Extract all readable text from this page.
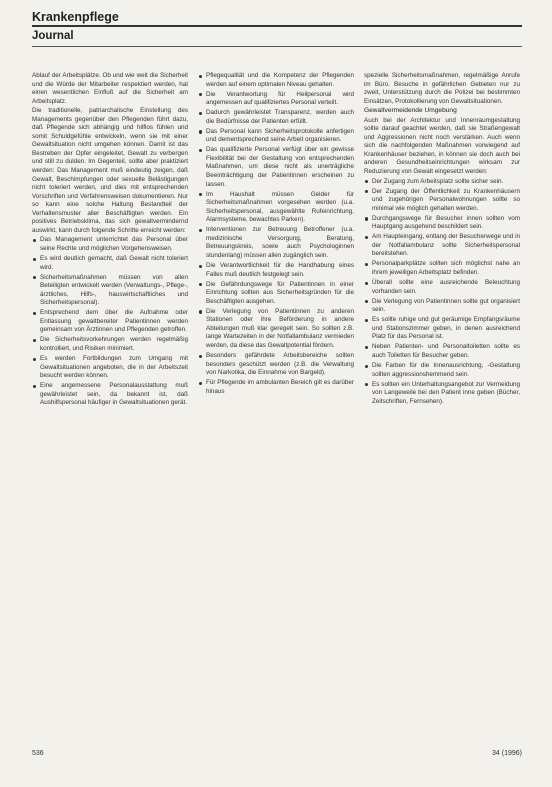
Krankenpflege
Journal

Ablauf der Arbeitsplätze. Ob und wie weit die Sicherheit und die Würde der Mitarbeiter respektiert werden, hat einen wesentlichen Einfluß auf die Sicherheit am Arbeitsplatz.

Die traditionelle, patriarchalische Einstellung des Managements gegenüber den Pflegenden führt dazu, daß Pflegende sich abhängig und hilflos fühlen und somit Schuldgefühle entwickeln, wenn sie mit einer Gewaltsituation nicht umgehen können. Damit ist das Bestreben der Opfer eingeleitet, Gewalt zu verbergen und still zu dulden. Im Gegenteil, sollte aber praktiziert werden: Das Management muß eindeutig zeigen, daß Gewalt, Beschimpfungen oder sexuelle Belästigungen nicht toleriert werden, und dies mit entsprechenden Vorschriften und Verfahrensweisen dokumentieren. Nur so kann eine solche Haltung Bestandteil der Verhaltensmuster aller Beschäftigten werden. Ein positives Betriebsklima, das sich gewaltvermindernd auswirkt, kann durch folgende Schritte erreicht werden:

Das Management unterrichtet das Personal über seine Rechte und möglichen Vorgehensweisen.
Es wird deutlich gemacht, daß Gewalt nicht toleriert wird.
Sicherheitsmaßnahmen müssen von allen Beteiligten entwickelt werden (Verwaltungs-, Pflege-, ärztliches, Hilfs-, hauswirtschaftliches und Sicherheitspersonal).
Entsprechend dem über die Aufnahme oder Entlassung gewaltbereiter Patientinnen werden gemeinsam von Ärztinnen und Pflegenden getroffen.
Die Sicherheitsvorkehrungen werden regelmäßig kontrolliert, und Risiken minimiert.
Es werden Fortbildungen zum Umgang mit Gewaltsituationen angeboten, die in der Arbeitszeit besucht werden können.
Eine angemessene Personalausstattung muß gewährleistet sein, da bekannt ist, daß Aushilfspersonal häufiger in Gewaltsituationen gerät.
Pflegequalität und die Kompetenz der Pflegenden werden auf einem optimalen Niveau gehalten.
Die Verantwortung für Heilpersonal wird angemessen auf qualifiziertes Personal verteilt.
Dadurch gewährleistet Transparenz, werden auch die Bedürfnisse der Patienten erfüllt.
Das Personal kann Sicherheitsprotokolle anfertigen und dementsprechend seine Arbeit organisieren.
Das qualifizierte Personal verfügt über ein gewisse Flexibilität bei der Gestaltung von entsprechenden Maßnahmen, um diese nicht als unerträgliche Beeinträchtigung der Patientinnen erscheinen zu lassen.
Im Haushalt müssen Gelder für Sicherheitsmaßnahmen vorgesehen werden (u.a. Sicherheitspersonal, ausgewählte Rufeinrichtung, Alarmsysteme, bewachtes Parken).
Interventionen zur Betreuung Betroffener (u.a. medizinische Versorgung, Beratung, Betreuungskreis, sowie auch Psychologinnen stundenlang) müssen allen zugänglich sein.
Die Verantwortlichkeit für die Handhabung eines Falles muß deutlich festgelegt sein.
Die Gefährdungswege für Patientinnen in einer Einrichtung sollten aus Sicherheitsgründen für die Beschäftigten ausgehen.
Die Verlegung von Patientinnen zu anderen Stationen oder ihre Beförderung in andere Abteilungen muß klar geregelt sein. So sollten z.B. lange Wartezeiten in der Notfallambulanz vermieden werden, da diese das Gewaltpotential fördern.
Besonders gefährdete Arbeitsbereiche sollten besonders geschützt werden (z.B. die Verwaltung von Narkotika, die Einnahme von Bargeld).
Für Pflegende im ambulanten Bereich gilt es darüber hinaus

spezielle Sicherheitsmaßnahmen, regelmäßige Anrufe im Büro. Besuche in gefährlichen Gebieten nur zu zweit, Unterstützung durch die Polizei bei bestimmten Einsätzen, Protokollierung von Gewaltsituationen.

Gewaltvermeidende Umgebung

Auch bei der Architektur und Innenraumgestaltung sollte darauf geachtet werden, daß sie Straßengewalt und Aggressionen nicht noch verstärken. Auch wenn sich die nachfolgenden Maßnahmen vorwiegend auf Krankenhäuser beziehen, in können sie doch auch bei anderen Gesundheitseinrichtungen wirksam zur Reduzierung von Gewalt eingesetzt werden:

Der Zugang zum Arbeitsplatz sollte sicher sein.
Der Zugang der Öffentlichkeit zu Krankenhäusern und zugehörigen Personalwohnungen sollte so minimal wie möglich gehalten werden.
Durchgangswege für Besucher innen sollten vom Hauptgang ausgehend beschildert sein.
Am Haupteingang, entlang der Besucherwege und in der Notfallambulanz sollte Sicherheitspersonal bereitstehen.
Personalparkplätze sollten sich möglichst nahe an ihrem jeweiligen Arbeitsplatz befinden.
Überall sollte eine ausreichende Beleuchtung vorhanden sein.
Die Verlegung von Patientinnen sollte gut organisiert sein.
Es sollte ruhige und gut geräumige Empfangsräume und Stationszimmer geben, in denen ausreichend Platz für das Personal ist.
Neben Patienten- und Personaltoiletten sollte es auch Toiletten für Besucher geben.
Die Farben für die Innenausrichtung, -Gestaltung sollten aggressionshemmend sein.
Es sollten ein Unterhaltungsangebot zur Vermeidung von Langeweile bei den Patient inne geben (Bücher, Zeitschriften, Fernsehen).
536	34 (1996)
